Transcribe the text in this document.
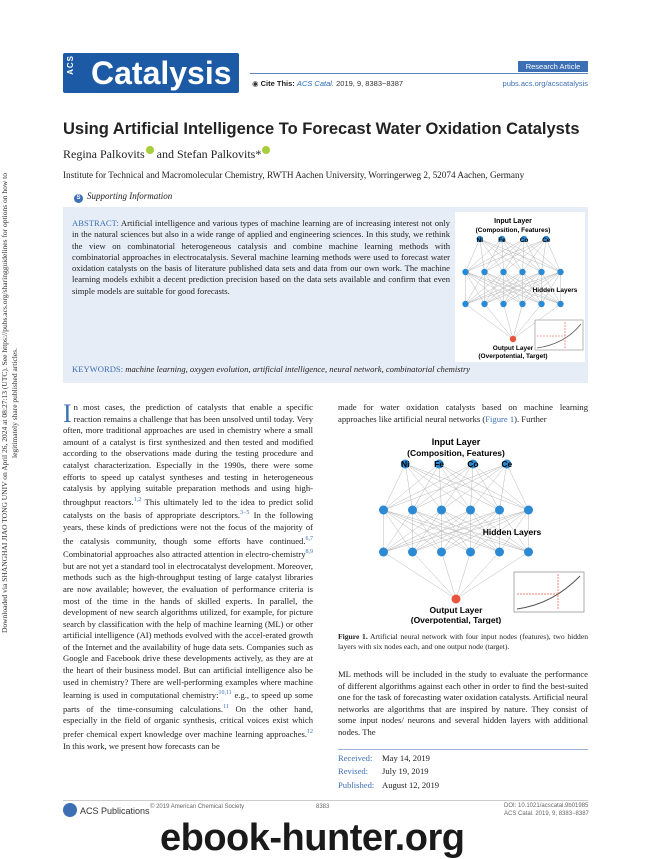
Downloaded via SHANGHAI JIAO TONG UNIV on April 26, 2024 at 08:27:13 (UTC). See https://pubs.acs.org/sharingguidelines for options on how to legitimately share published articles.
ACS Catalysis	Research Article
◉ Cite This: ACS Catal. 2019, 9, 8383−8387	pubs.acs.org/acscatalysis
Using Artificial Intelligence To Forecast Water Oxidation Catalysts
Regina Palkovits and Stefan Palkovits*
Institute for Technical and Macromolecular Chemistry, RWTH Aachen University, Worringerweg 2, 52074 Aachen, Germany
S Supporting Information
ABSTRACT: Artificial intelligence and various types of machine learning are of increasing interest not only in the natural sciences but also in a wide range of applied and engineering sciences. In this study, we rethink the view on combinatorial heterogeneous catalysis and combine machine learning methods with combinatorial approaches in electrocatalysis. Several machine learning methods were used to forecast water oxidation catalysts on the basis of literature published data sets and data from our own work. The machine learning models exhibit a decent prediction precision based on the data sets available and confirm that even simple models are suitable for good forecasts.
Input Layer
(Composition, Features)
Ni Fe Co Ce
Hidden Layers
Output Layer
(Overpotential, Target)
KEYWORDS: machine learning, oxygen evolution, artificial intelligence, neural network, combinatorial chemistry
In most cases, the prediction of catalysts that enable a specific reaction remains a challenge that has been unsolved until today. Very often, more traditional approaches are used in chemistry where a small amount of a catalyst is first synthesized and then tested and modified according to the observations made during the testing procedure and catalyst characterization. Especially in the 1990s, there were some efforts to speed up catalyst syntheses and testing in heterogeneous catalysis by applying suitable preparation methods and using high-throughput reactors.$^{1,2}$ This ultimately led to the idea to predict solid catalysts on the basis of appropriate descriptors.$^{3-5}$ In the following years, these kinds of predictions were not the focus of the majority of the catalysis community, though some efforts have continued.$^{6,7}$ Combinatorial approaches also attracted attention in electro-chemistry$^{8,9}$ but are not yet a standard tool in electrocatalyst development. Moreover, methods such as the high-throughput testing of large catalyst libraries are now available; however, the evaluation of performance criteria is most of the time in the hands of skilled experts. In parallel, the development of new search algorithms utilized, for example, for picture search by classification with the help of machine learning (ML) or other artificial intelligence (AI) methods evolved with the accel-erated growth of the Internet and the availability of huge data sets. Companies such as Google and Facebook drive these developments actively, as they are at the heart of their business model. But can artificial intelligence also be used in chemistry? There are well-performing examples where machine learning is used in computational chemistry:$^{10,11}$ e.g., to speed up some parts of the time-consuming calculations.$^{11}$ On the other hand, especially in the field of organic synthesis, critical voices exist which prefer chemical expert knowledge over machine learning approaches.$^{12}$ In this work, we present how forecasts can be
made for water oxidation catalysts based on machine learning approaches like artificial neural networks (Figure 1). Further
Input Layer
(Composition, Features)
Ni	Fe	Co	Ce
Hidden Layers
Output Layer
(Overpotential, Target)
Figure 1. Artificial neural network with four input nodes (features), two hidden layers with six nodes each, and one output node (target).
ML methods will be included in the study to evaluate the performance of different algorithms against each other in order to find the best-suited one for the task of forecasting water oxidation catalysts. Artificial neural networks are algorithms that are inspired by nature. They consist of some input nodes/ neurons and several hidden layers with additional nodes. The
Received: May 14, 2019
Revised: July 19, 2019
Published: August 12, 2019
ACS Publications © 2019 American Chemical Society	8383	DOI: 10.1021/acscatal.9b01985
ACS Catal. 2019, 9, 8383−8387
ebook-hunter.org
